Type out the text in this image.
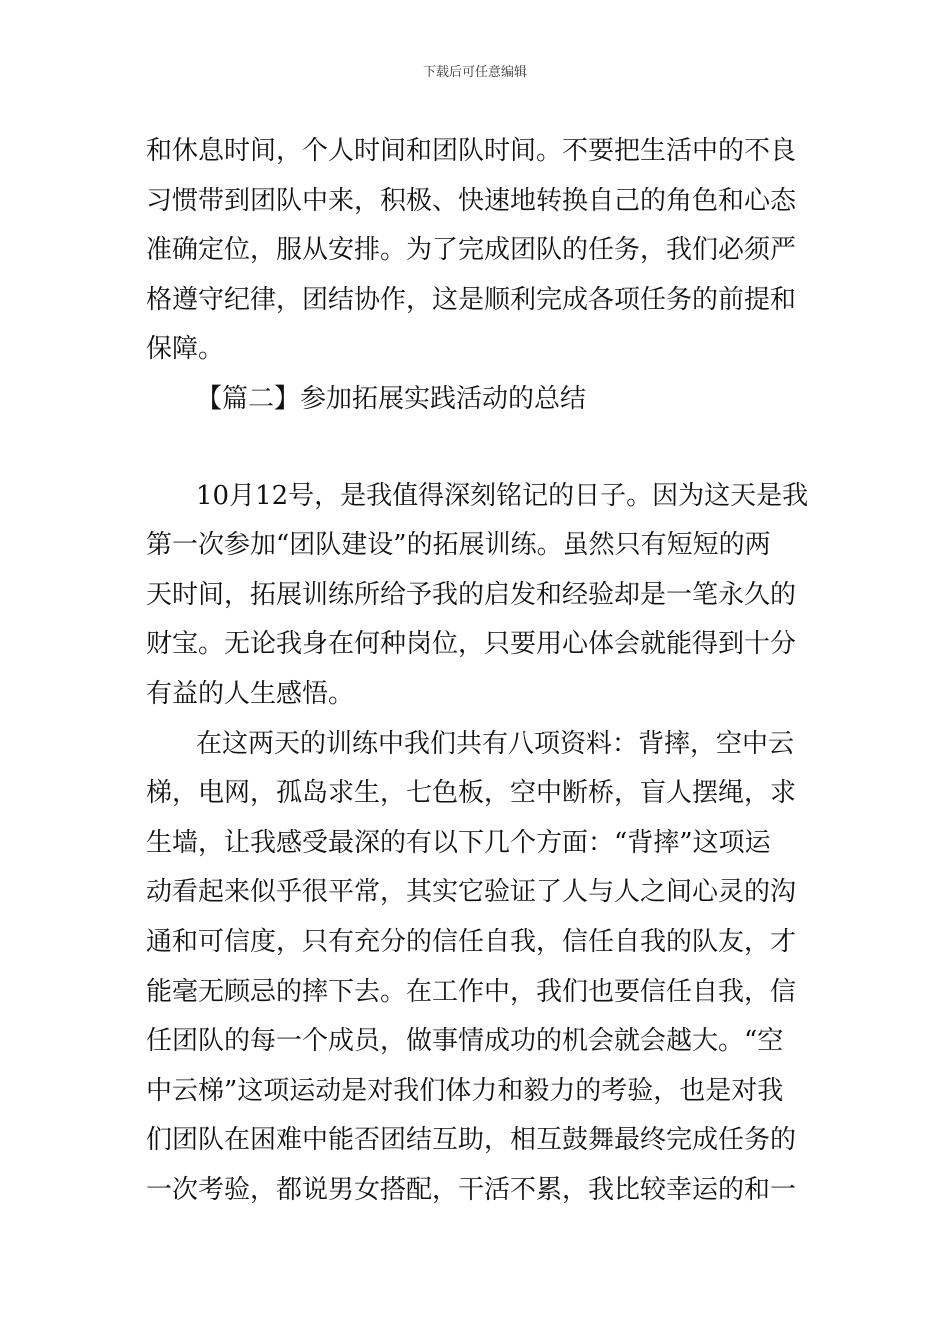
下载后可任意编辑
和休息时间，个人时间和团队时间。不要把生活中的不良
习惯带到团队中来，积极、快速地转换自己的角色和心态
准确定位，服从安排。为了完成团队的任务，我们必须严
格遵守纪律，团结协作，这是顺利完成各项任务的前提和
保障。
【篇二】参加拓展实践活动的总结
10月12号，是我值得深刻铭记的日子。因为这天是我
第一次参加“团队建设”的拓展训练。虽然只有短短的两
天时间，拓展训练所给予我的启发和经验却是一笔永久的
财宝。无论我身在何种岗位，只要用心体会就能得到十分
有益的人生感悟。
在这两天的训练中我们共有八项资料：背摔，空中云
梯，电网，孤岛求生，七色板，空中断桥，盲人摆绳，求
生墙，让我感受最深的有以下几个方面：“背摔”这项运
动看起来似乎很平常，其实它验证了人与人之间心灵的沟
通和可信度，只有充分的信任自我，信任自我的队友，才
能毫无顾忌的摔下去。在工作中，我们也要信任自我，信
任团队的每一个成员，做事情成功的机会就会越大。“空
中云梯”这项运动是对我们体力和毅力的考验，也是对我
们团队在困难中能否团结互助，相互鼓舞最终完成任务的
一次考验，都说男女搭配，干活不累，我比较幸运的和一
